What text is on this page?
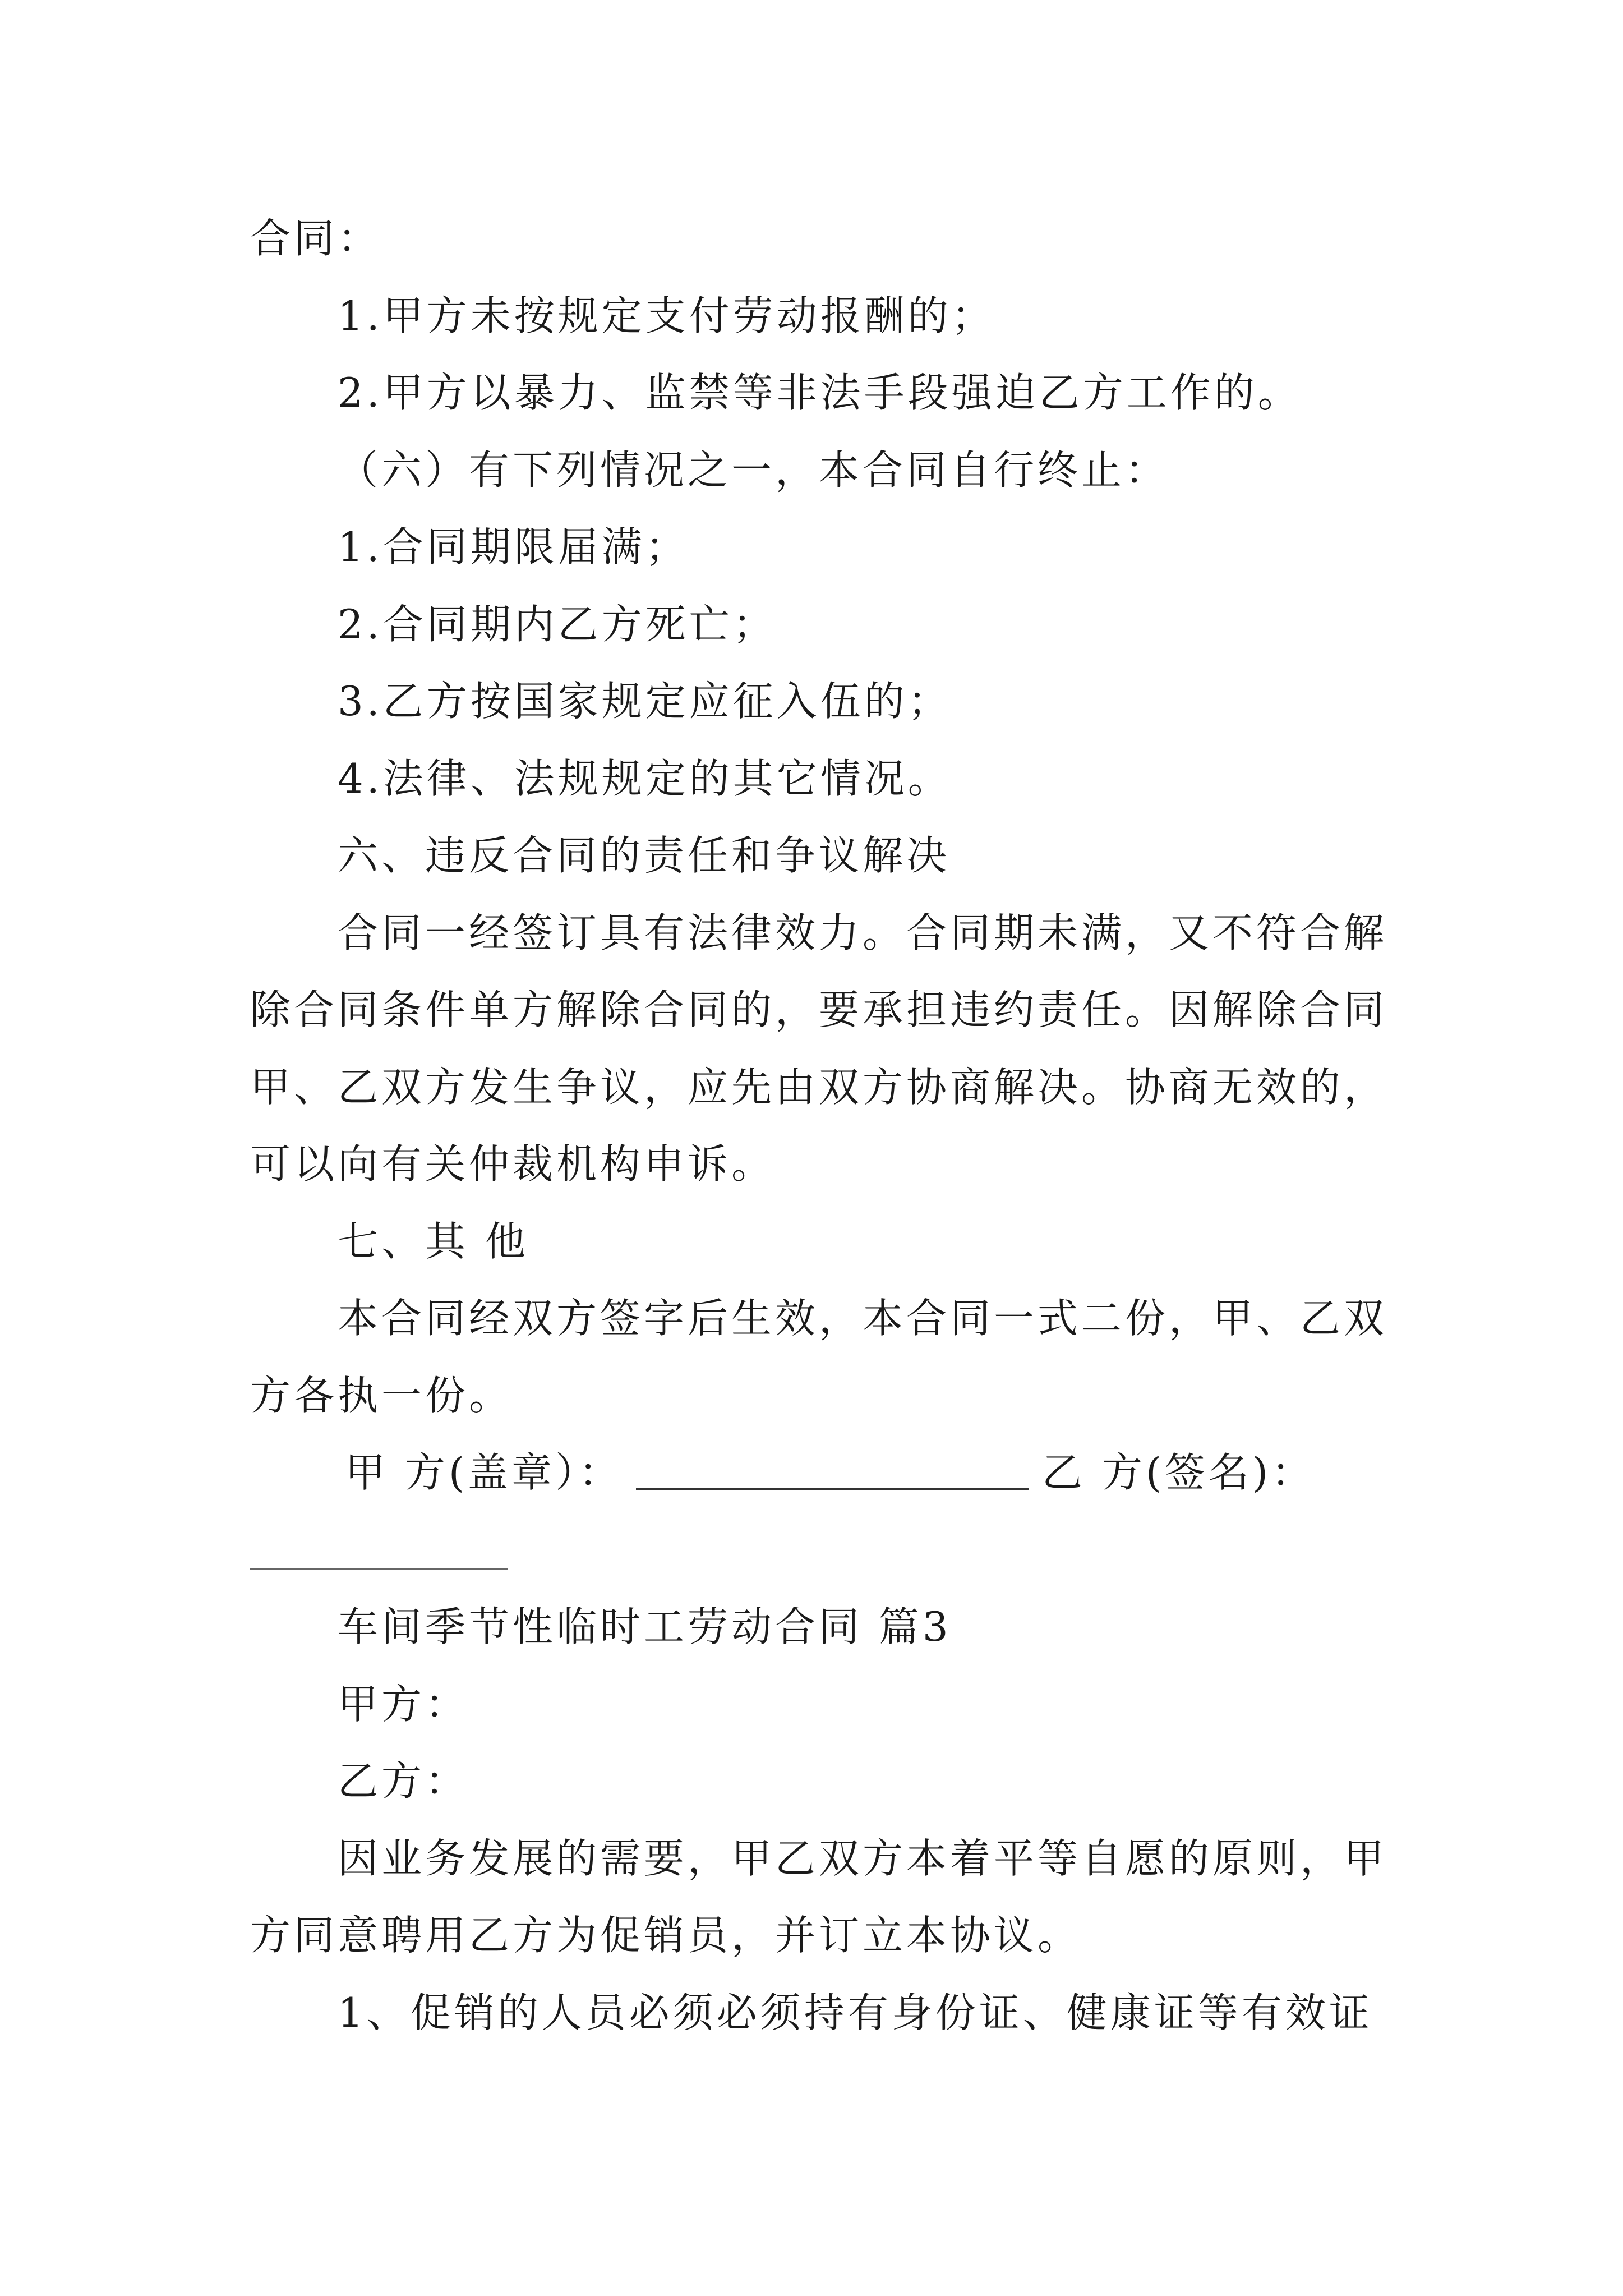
合同：
1.甲方未按规定支付劳动报酬的；
2.甲方以暴力、监禁等非法手段强迫乙方工作的。
（六）有下列情况之一，本合同自行终止：
1.合同期限届满；
2.合同期内乙方死亡；
3.乙方按国家规定应征入伍的；
4.法律、法规规定的其它情况。
六、违反合同的责任和争议解决
合同一经签订具有法律效力。合同期未满，又不符合解
除合同条件单方解除合同的，要承担违约责任。因解除合同
甲、乙双方发生争议，应先由双方协商解决。协商无效的，
可以向有关仲裁机构申诉。
七、其 他
本合同经双方签字后生效，本合同一式二份，甲、乙双
方各执一份。
甲 方(盖章）：	乙 方(签名)：
车间季节性临时工劳动合同 篇3
甲方：
乙方：
因业务发展的需要，甲乙双方本着平等自愿的原则，甲
方同意聘用乙方为促销员，并订立本协议。
1、促销的人员必须必须持有身份证、健康证等有效证
